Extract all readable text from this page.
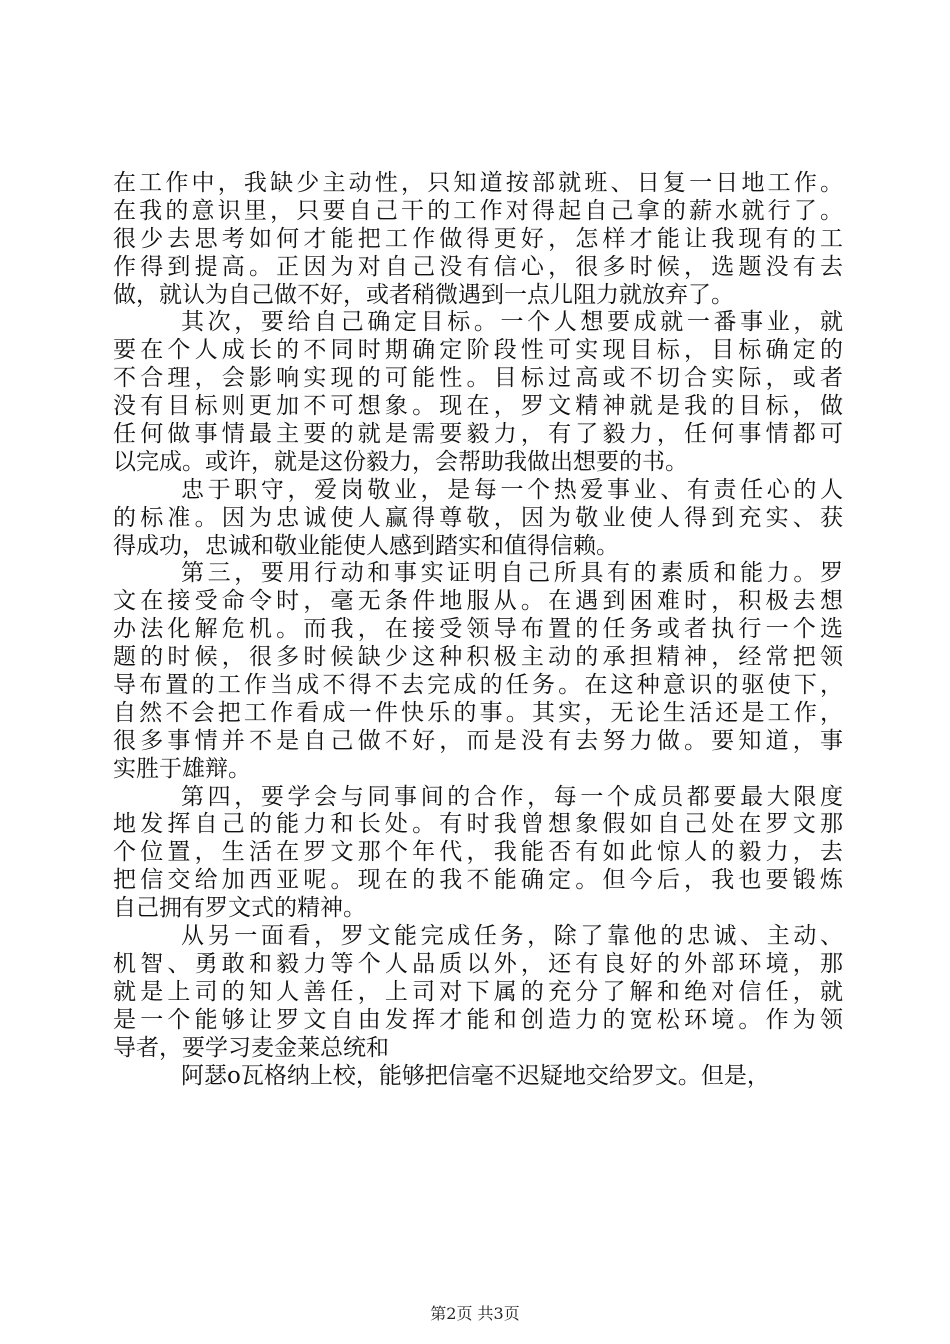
在工作中，我缺少主动性，只知道按部就班、日复一日地工作。
在我的意识里，只要自己干的工作对得起自己拿的薪水就行了。
很少去思考如何才能把工作做得更好，怎样才能让我现有的工
作得到提高。正因为对自己没有信心，很多时候，选题没有去
做，就认为自己做不好，或者稍微遇到一点儿阻力就放弃了。
其次，要给自己确定目标。一个人想要成就一番事业，就
要在个人成长的不同时期确定阶段性可实现目标，目标确定的
不合理，会影响实现的可能性。目标过高或不切合实际，或者
没有目标则更加不可想象。现在，罗文精神就是我的目标，做
任何做事情最主要的就是需要毅力，有了毅力，任何事情都可
以完成。或许，就是这份毅力，会帮助我做出想要的书。
忠于职守，爱岗敬业，是每一个热爱事业、有责任心的人
的标准。因为忠诚使人赢得尊敬，因为敬业使人得到充实、获
得成功，忠诚和敬业能使人感到踏实和值得信赖。
第三，要用行动和事实证明自己所具有的素质和能力。罗
文在接受命令时，毫无条件地服从。在遇到困难时，积极去想
办法化解危机。而我，在接受领导布置的任务或者执行一个选
题的时候，很多时候缺少这种积极主动的承担精神，经常把领
导布置的工作当成不得不去完成的任务。在这种意识的驱使下，
自然不会把工作看成一件快乐的事。其实，无论生活还是工作，
很多事情并不是自己做不好，而是没有去努力做。要知道，事
实胜于雄辩。
第四，要学会与同事间的合作，每一个成员都要最大限度
地发挥自己的能力和长处。有时我曾想象假如自己处在罗文那
个位置，生活在罗文那个年代，我能否有如此惊人的毅力，去
把信交给加西亚呢。现在的我不能确定。但今后，我也要锻炼
自己拥有罗文式的精神。
从另一面看，罗文能完成任务，除了靠他的忠诚、主动、
机智、勇敢和毅力等个人品质以外，还有良好的外部环境，那
就是上司的知人善任，上司对下属的充分了解和绝对信任，就
是一个能够让罗文自由发挥才能和创造力的宽松环境。作为领
导者，要学习麦金莱总统和
阿瑟o瓦格纳上校，能够把信毫不迟疑地交给罗文。但是，
第2页 共3页
